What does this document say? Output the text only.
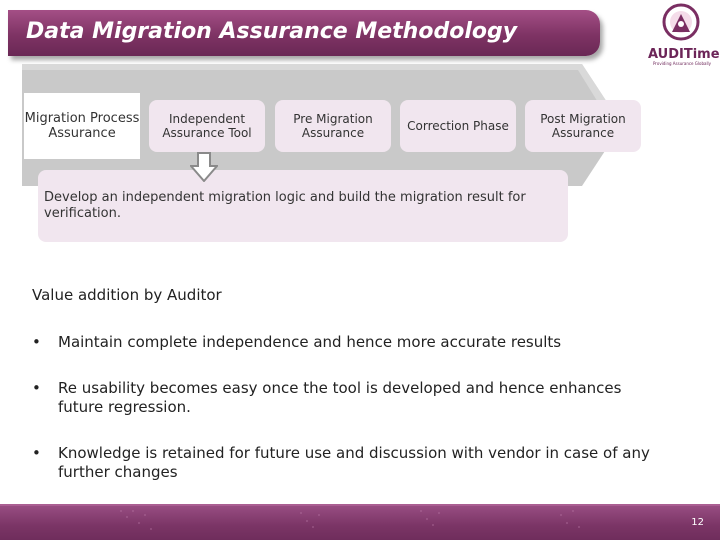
Data Migration Assurance Methodology
AUDITime
Providing Assurance Globally
Migration Process Assurance
Independent Assurance Tool
Pre Migration Assurance	Correction Phase	Post Migration Assurance
Develop an independent migration logic and build the migration result for verification.
Value addition by Auditor
• Maintain complete independence and hence more accurate results
• Re usability becomes easy once the tool is developed and hence enhances future regression.
• Knowledge is retained for future use and discussion with vendor in case of any further changes
12
